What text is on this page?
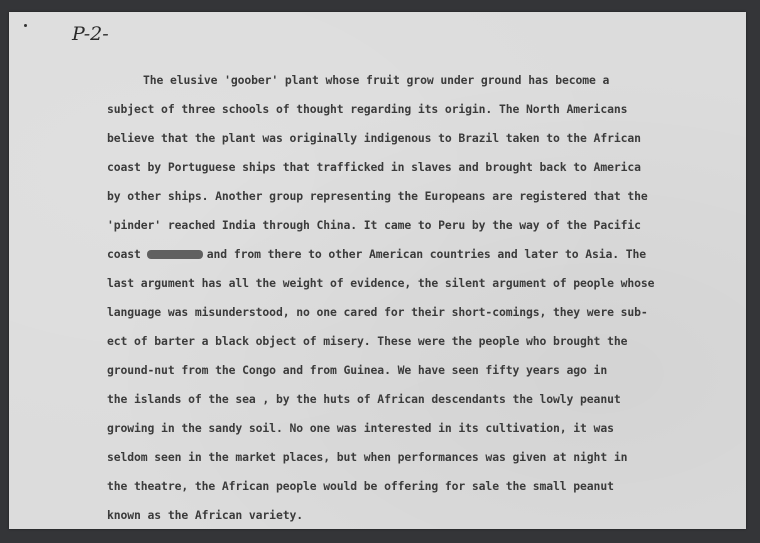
P-2-
The elusive 'goober' plant whose fruit grow under ground has become a
subject of three schools of thought regarding its origin. The North Americans
believe that the plant was originally indigenous to Brazil taken to the African
coast by Portuguese ships that trafficked in slaves and brought back to America
by other ships. Another group representing the Europeans are registered that the
'pinder' reached India through China. It came to Peru by the way of the Pacific
coast	and from there to other American countries and later to Asia. The
last argument has all the weight of evidence, the silent argument of people whose
language was misunderstood, no one cared for their short-comings, they were sub-
ect of barter a black object of misery. These were the people who brought the
ground-nut from the Congo and from Guinea. We have seen fifty years ago in
the islands of the sea , by the huts of African descendants the lowly peanut
growing in the sandy soil. No one was interested in its cultivation, it was
seldom seen in the market places, but when performances was given at night in
the theatre, the African people would be offering for sale the small peanut
known as the African variety.
